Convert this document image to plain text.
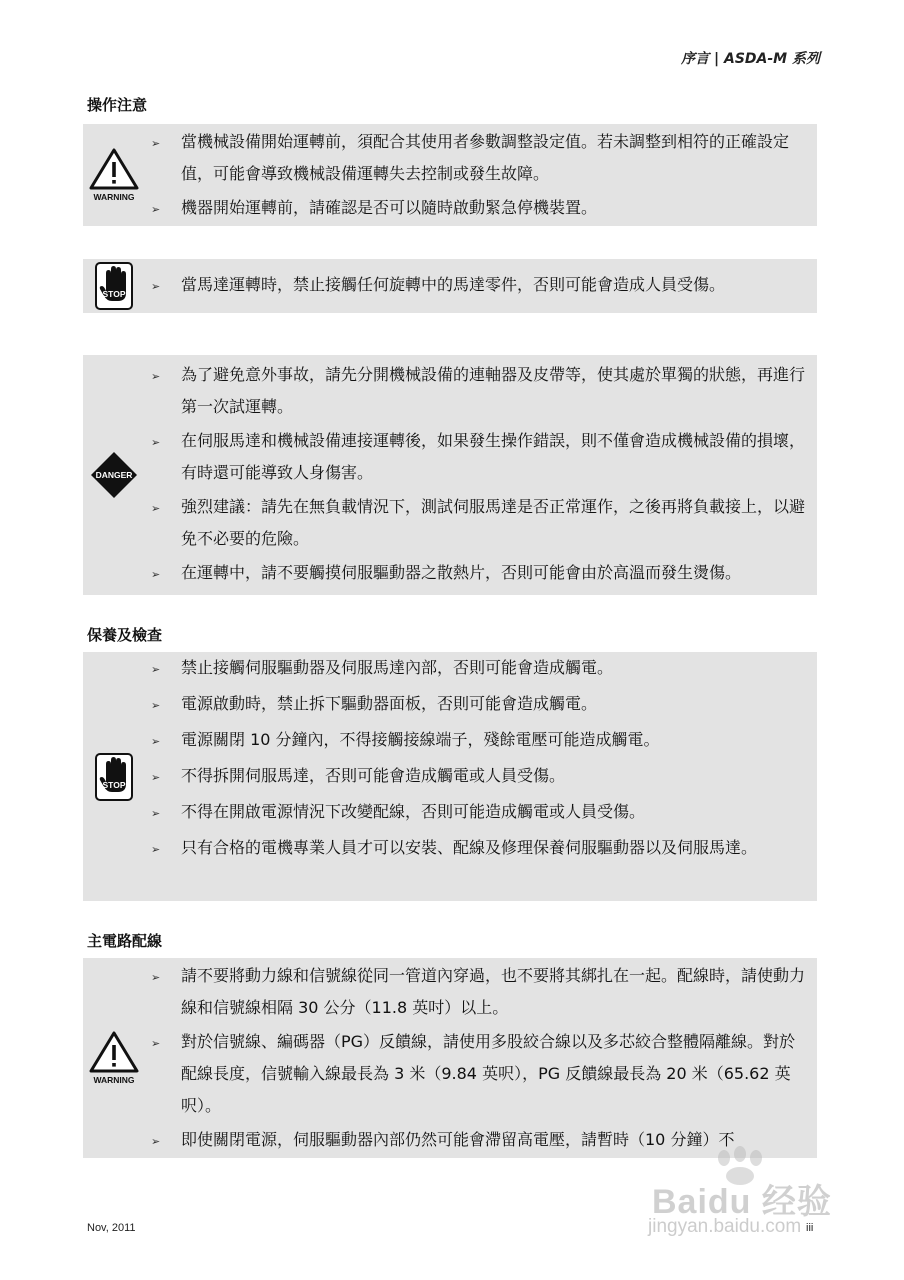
序言 | ASDA-M 系列
操作注意
WARNING
➢ 當機械設備開始運轉前，須配合其使用者參數調整設定值。若未調整到相符的正確設定值，可能會導致機械設備運轉失去控制或發生故障。
➢ 機器開始運轉前，請確認是否可以隨時啟動緊急停機裝置。
STOP
➢ 當馬達運轉時，禁止接觸任何旋轉中的馬達零件，否則可能會造成人員受傷。
DANGER
➢ 為了避免意外事故，請先分開機械設備的連軸器及皮帶等，使其處於單獨的狀態，再進行第一次試運轉。
➢ 在伺服馬達和機械設備連接運轉後，如果發生操作錯誤，則不僅會造成機械設備的損壞，有時還可能導致人身傷害。
➢ 強烈建議：請先在無負載情況下，測試伺服馬達是否正常運作，之後再將負載接上，以避免不必要的危險。
➢ 在運轉中，請不要觸摸伺服驅動器之散熱片，否則可能會由於高溫而發生燙傷。
保養及檢查
STOP
➢ 禁止接觸伺服驅動器及伺服馬達內部，否則可能會造成觸電。
➢ 電源啟動時，禁止拆下驅動器面板，否則可能會造成觸電。
➢ 電源關閉 10 分鐘內，不得接觸接線端子，殘餘電壓可能造成觸電。
➢ 不得拆開伺服馬達，否則可能會造成觸電或人員受傷。
➢ 不得在開啟電源情況下改變配線，否則可能造成觸電或人員受傷。
➢ 只有合格的電機專業人員才可以安裝、配線及修理保養伺服驅動器以及伺服馬達。
主電路配線
WARNING
➢ 請不要將動力線和信號線從同一管道內穿過，也不要將其綁扎在一起。配線時，請使動力線和信號線相隔 30 公分（11.8 英吋）以上。
➢ 對於信號線、編碼器（PG）反饋線，請使用多股絞合線以及多芯絞合整體隔離線。對於配線長度，信號輸入線最長為 3 米（9.84 英呎），PG 反饋線最長為 20 米（65.62 英呎）。
➢ 即使關閉電源，伺服驅動器內部仍然可能會滯留高電壓，請暫時（10 分鐘）不
Nov, 2011	iii
Baidu 经验
jingyan.baidu.com
